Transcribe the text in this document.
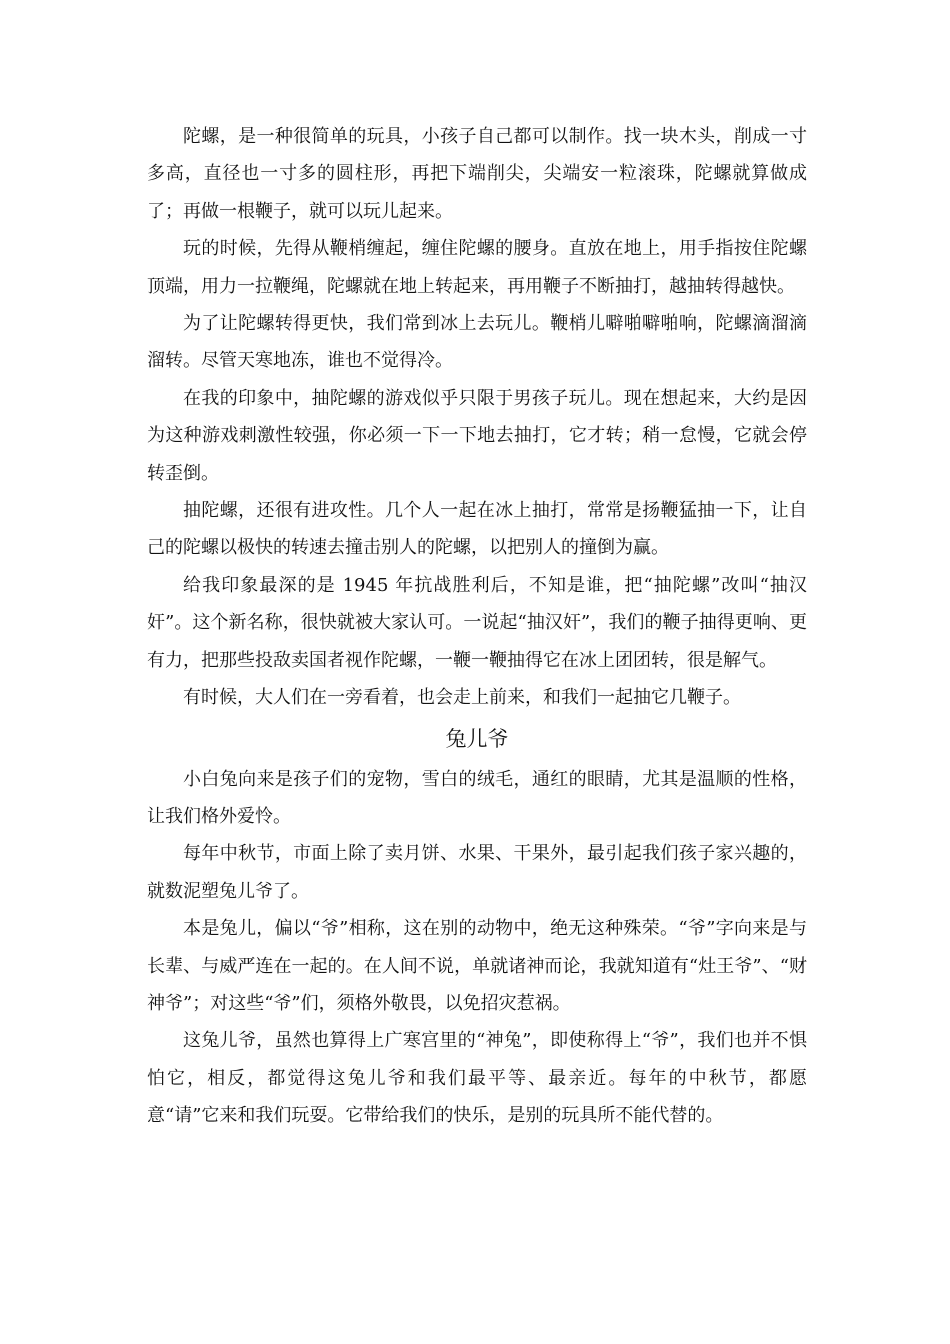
陀螺，是一种很简单的玩具，小孩子自己都可以制作。找一块木头，削成一寸多高，直径也一寸多的圆柱形，再把下端削尖，尖端安一粒滚珠，陀螺就算做成了；再做一根鞭子，就可以玩儿起来。

玩的时候，先得从鞭梢缠起，缠住陀螺的腰身。直放在地上，用手指按住陀螺顶端，用力一拉鞭绳，陀螺就在地上转起来，再用鞭子不断抽打，越抽转得越快。

为了让陀螺转得更快，我们常到冰上去玩儿。鞭梢儿噼啪噼啪响，陀螺滴溜滴溜转。尽管天寒地冻，谁也不觉得冷。

在我的印象中，抽陀螺的游戏似乎只限于男孩子玩儿。现在想起来，大约是因为这种游戏刺激性较强，你必须一下一下地去抽打，它才转；稍一怠慢，它就会停转歪倒。

抽陀螺，还很有进攻性。几个人一起在冰上抽打，常常是扬鞭猛抽一下，让自己的陀螺以极快的转速去撞击别人的陀螺，以把别人的撞倒为赢。

给我印象最深的是 1945 年抗战胜利后，不知是谁，把“抽陀螺”改叫“抽汉奸”。这个新名称，很快就被大家认可。一说起“抽汉奸”，我们的鞭子抽得更响、更有力，把那些投敌卖国者视作陀螺，一鞭一鞭抽得它在冰上团团转，很是解气。

有时候，大人们在一旁看着，也会走上前来，和我们一起抽它几鞭子。

兔儿爷

小白兔向来是孩子们的宠物，雪白的绒毛，通红的眼睛，尤其是温顺的性格，让我们格外爱怜。

每年中秋节，市面上除了卖月饼、水果、干果外，最引起我们孩子家兴趣的，就数泥塑兔儿爷了。

本是兔儿，偏以“爷”相称，这在别的动物中，绝无这种殊荣。“爷”字向来是与长辈、与威严连在一起的。在人间不说，单就诸神而论，我就知道有“灶王爷”、“财神爷”；对这些“爷”们，须格外敬畏，以免招灾惹祸。

这兔儿爷，虽然也算得上广寒宫里的“神兔”，即使称得上“爷”，我们也并不惧怕它，相反，都觉得这兔儿爷和我们最平等、最亲近。每年的中秋节，都愿意“请”它来和我们玩耍。它带给我们的快乐，是别的玩具所不能代替的。
